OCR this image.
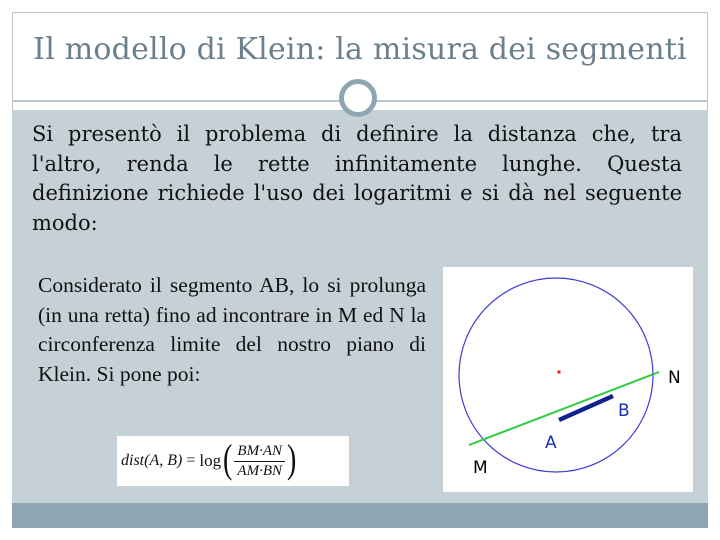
Il modello di Klein: la misura dei segmenti

Si presentò il problema di definire la distanza che, tra l'altro, renda le rette infinitamente lunghe. Questa definizione richiede l'uso dei logaritmi e si dà nel seguente modo:

Considerato il segmento AB, lo si prolunga (in una retta) fino ad incontrare in M ed N la circonferenza limite del nostro piano di Klein. Si pone poi:

dist(A, B) = log ( $\frac{BM\cdot AN}{AM\cdot BN}$ )	M
A
B
N
